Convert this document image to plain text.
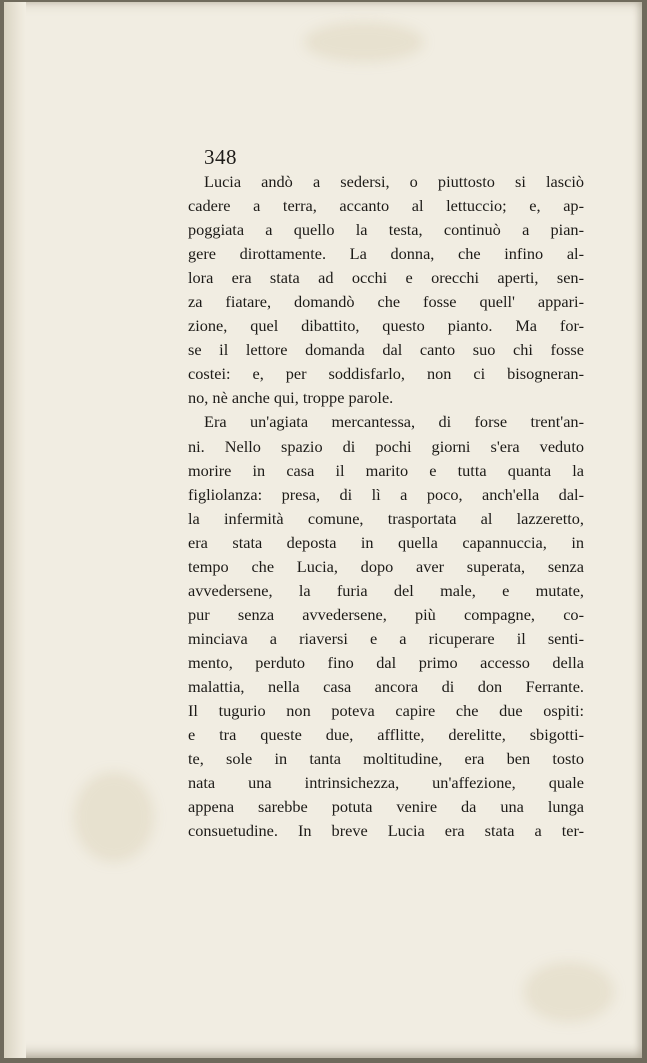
348
Lucia andò a sedersi, o piuttosto si lasciò
cadere a terra, accanto al lettuccio; e, ap-
poggiata a quello la testa, continuò a pian-
gere dirottamente. La donna, che infino al-
lora era stata ad occhi e orecchi aperti, sen-
za fiatare, domandò che fosse quell' appari-
zione, quel dibattito, questo pianto. Ma for-
se il lettore domanda dal canto suo chi fosse
costei: e, per soddisfarlo, non ci bisogneran-
no, nè anche qui, troppe parole.
Era un'agiata mercantessa, di forse trent'an-
ni. Nello spazio di pochi giorni s'era veduto
morire in casa il marito e tutta quanta la
figliolanza: presa, di lì a poco, anch'ella dal-
la infermità comune, trasportata al lazzeretto,
era stata deposta in quella capannuccia, in
tempo che Lucia, dopo aver superata, senza
avvedersene, la furia del male, e mutate,
pur senza avvedersene, più compagne, co-
minciava a riaversi e a ricuperare il senti-
mento, perduto fino dal primo accesso della
malattia, nella casa ancora di don Ferrante.
Il tugurio non poteva capire che due ospiti:
e tra queste due, afflitte, derelitte, sbigotti-
te, sole in tanta moltitudine, era ben tosto
nata una intrinsichezza, un'affezione, quale
appena sarebbe potuta venire da una lunga
consuetudine. In breve Lucia era stata a ter-
